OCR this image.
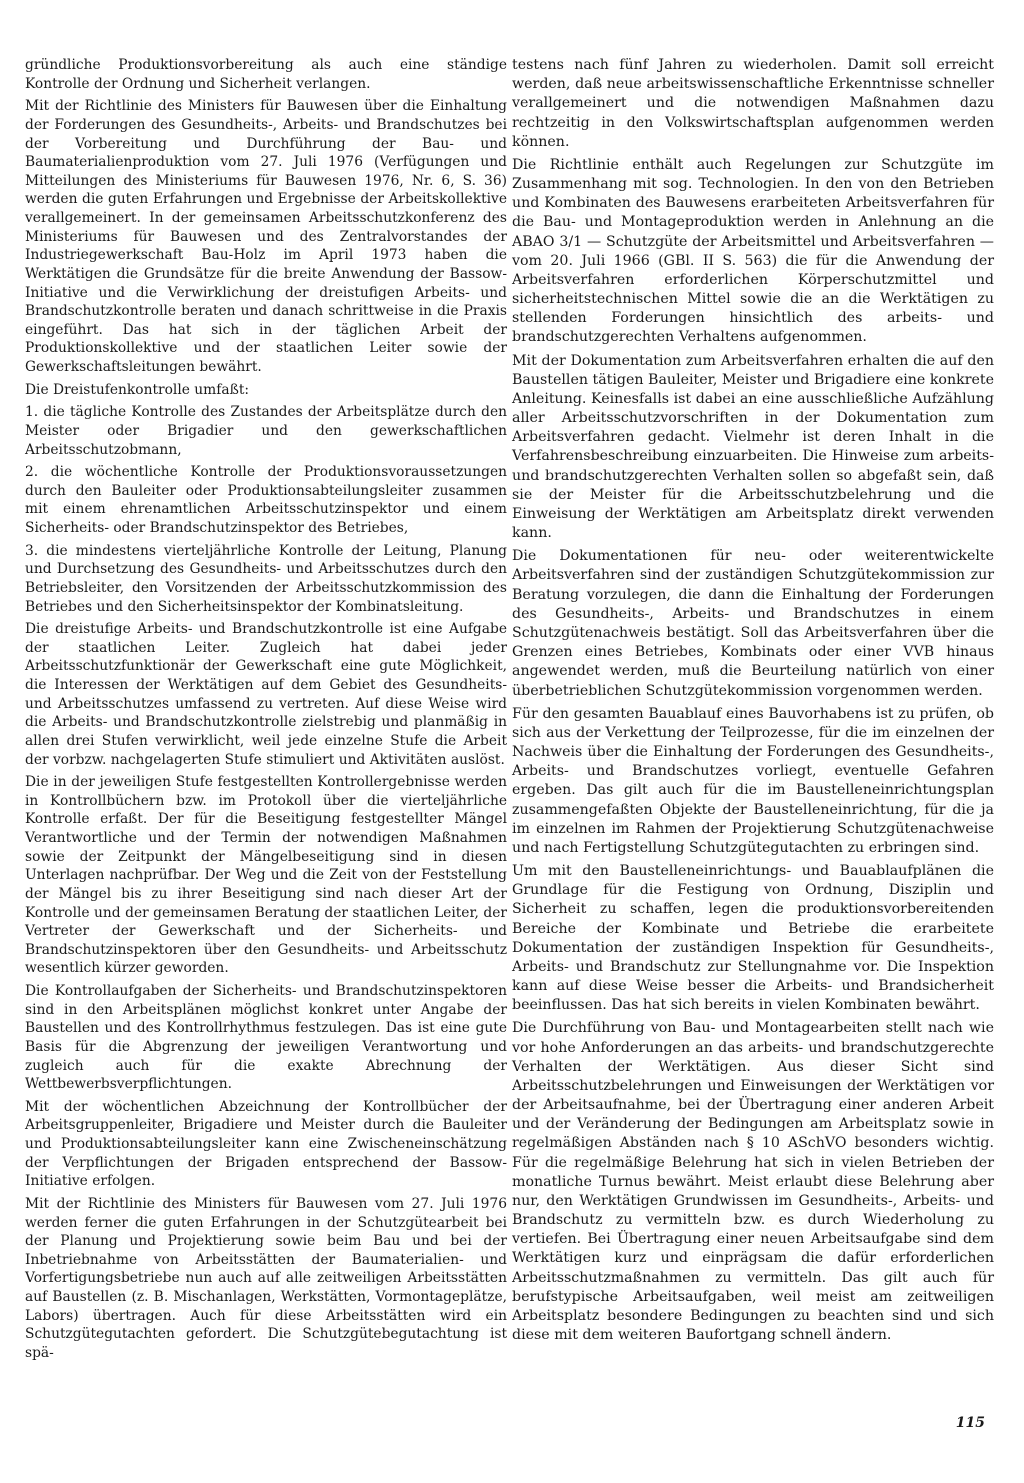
gründliche Produktionsvorbereitung als auch eine ständige Kontrolle der Ordnung und Sicherheit verlangen.

Mit der Richtlinie des Ministers für Bauwesen über die Einhaltung der Forderungen des Gesundheits-, Arbeits- und Brandschutzes bei der Vorbereitung und Durchführung der Bau- und Baumaterialienproduktion vom 27. Juli 1976 (Verfügungen und Mitteilungen des Ministeriums für Bauwesen 1976, Nr. 6, S. 36) werden die guten Erfahrungen und Ergebnisse der Arbeitskollektive verallgemeinert. In der gemeinsamen Arbeitsschutzkonferenz des Ministeriums für Bauwesen und des Zentralvorstandes der Industriegewerkschaft Bau-Holz im April 1973 haben die Werktätigen die Grundsätze für die breite Anwendung der Bassow-Initiative und die Verwirklichung der dreistufigen Arbeits- und Brandschutzkontrolle beraten und danach schrittweise in die Praxis eingeführt. Das hat sich in der täglichen Arbeit der Produktionskollektive und der staatlichen Leiter sowie der Gewerkschaftsleitungen bewährt.

Die Dreistufenkontrolle umfaßt:

1. die tägliche Kontrolle des Zustandes der Arbeitsplätze durch den Meister oder Brigadier und den gewerkschaftlichen Arbeitsschutzobmann,

2. die wöchentliche Kontrolle der Produktionsvoraussetzungen durch den Bauleiter oder Produktionsabteilungsleiter zusammen mit einem ehrenamtlichen Arbeitsschutzinspektor und einem Sicherheits- oder Brandschutzinspektor des Betriebes,

3. die mindestens vierteljährliche Kontrolle der Leitung, Planung und Durchsetzung des Gesundheits- und Arbeitsschutzes durch den Betriebsleiter, den Vorsitzenden der Arbeitsschutzkommission des Betriebes und den Sicherheitsinspektor der Kombinatsleitung.

Die dreistufige Arbeits- und Brandschutzkontrolle ist eine Aufgabe der staatlichen Leiter. Zugleich hat dabei jeder Arbeitsschutzfunktionär der Gewerkschaft eine gute Möglichkeit, die Interessen der Werktätigen auf dem Gebiet des Gesundheits- und Arbeitsschutzes umfassend zu vertreten. Auf diese Weise wird die Arbeits- und Brandschutzkontrolle zielstrebig und planmäßig in allen drei Stufen verwirklicht, weil jede einzelne Stufe die Arbeit der vorbzw. nachgelagerten Stufe stimuliert und Aktivitäten auslöst.

Die in der jeweiligen Stufe festgestellten Kontrollergebnisse werden in Kontrollbüchern bzw. im Protokoll über die vierteljährliche Kontrolle erfaßt. Der für die Beseitigung festgestellter Mängel Verantwortliche und der Termin der notwendigen Maßnahmen sowie der Zeitpunkt der Mängelbeseitigung sind in diesen Unterlagen nachprüfbar. Der Weg und die Zeit von der Feststellung der Mängel bis zu ihrer Beseitigung sind nach dieser Art der Kontrolle und der gemeinsamen Beratung der staatlichen Leiter, der Vertreter der Gewerkschaft und der Sicherheits- und Brandschutzinspektoren über den Gesundheits- und Arbeitsschutz wesentlich kürzer geworden.

Die Kontrollaufgaben der Sicherheits- und Brandschutzinspektoren sind in den Arbeitsplänen möglichst konkret unter Angabe der Baustellen und des Kontrollrhythmus festzulegen. Das ist eine gute Basis für die Abgrenzung der jeweiligen Verantwortung und zugleich auch für die exakte Abrechnung der Wettbewerbsverpflichtungen.

Mit der wöchentlichen Abzeichnung der Kontrollbücher der Arbeitsgruppenleiter, Brigadiere und Meister durch die Bauleiter und Produktionsabteilungsleiter kann eine Zwischeneinschätzung der Verpflichtungen der Brigaden entsprechend der Bassow-Initiative erfolgen.

Mit der Richtlinie des Ministers für Bauwesen vom 27. Juli 1976 werden ferner die guten Erfahrungen in der Schutzgütearbeit bei der Planung und Projektierung sowie beim Bau und bei der Inbetriebnahme von Arbeitsstätten der Baumaterialien- und Vorfertigungsbetriebe nun auch auf alle zeitweiligen Arbeitsstätten auf Baustellen (z. B. Mischanlagen, Werkstätten, Vormontageplätze, Labors) übertragen. Auch für diese Arbeitsstätten wird ein Schutzgütegutachten gefordert. Die Schutzgütebegutachtung ist spä-

testens nach fünf Jahren zu wiederholen. Damit soll erreicht werden, daß neue arbeitswissenschaftliche Erkenntnisse schneller verallgemeinert und die notwendigen Maßnahmen dazu rechtzeitig in den Volkswirtschaftsplan aufgenommen werden können.

Die Richtlinie enthält auch Regelungen zur Schutzgüte im Zusammenhang mit sog. Technologien. In den von den Betrieben und Kombinaten des Bauwesens erarbeiteten Arbeitsverfahren für die Bau- und Montageproduktion werden in Anlehnung an die ABAO 3/1 — Schutzgüte der Arbeitsmittel und Arbeitsverfahren — vom 20. Juli 1966 (GBl. II S. 563) die für die Anwendung der Arbeitsverfahren erforderlichen Körperschutzmittel und sicherheitstechnischen Mittel sowie die an die Werktätigen zu stellenden Forderungen hinsichtlich des arbeits- und brandschutzgerechten Verhaltens aufgenommen.

Mit der Dokumentation zum Arbeitsverfahren erhalten die auf den Baustellen tätigen Bauleiter, Meister und Brigadiere eine konkrete Anleitung. Keinesfalls ist dabei an eine ausschließliche Aufzählung aller Arbeitsschutzvorschriften in der Dokumentation zum Arbeitsverfahren gedacht. Vielmehr ist deren Inhalt in die Verfahrensbeschreibung einzuarbeiten. Die Hinweise zum arbeits- und brandschutzgerechten Verhalten sollen so abgefaßt sein, daß sie der Meister für die Arbeitsschutzbelehrung und die Einweisung der Werktätigen am Arbeitsplatz direkt verwenden kann.

Die Dokumentationen für neu- oder weiterentwickelte Arbeitsverfahren sind der zuständigen Schutzgütekommission zur Beratung vorzulegen, die dann die Einhaltung der Forderungen des Gesundheits-, Arbeits- und Brandschutzes in einem Schutzgütenachweis bestätigt. Soll das Arbeitsverfahren über die Grenzen eines Betriebes, Kombinats oder einer VVB hinaus angewendet werden, muß die Beurteilung natürlich von einer überbetrieblichen Schutzgütekommission vorgenommen werden.

Für den gesamten Bauablauf eines Bauvorhabens ist zu prüfen, ob sich aus der Verkettung der Teilprozesse, für die im einzelnen der Nachweis über die Einhaltung der Forderungen des Gesundheits-, Arbeits- und Brandschutzes vorliegt, eventuelle Gefahren ergeben. Das gilt auch für die im Baustelleneinrichtungsplan zusammengefaßten Objekte der Baustelleneinrichtung, für die ja im einzelnen im Rahmen der Projektierung Schutzgütenachweise und nach Fertigstellung Schutzgütegutachten zu erbringen sind.

Um mit den Baustelleneinrichtungs- und Bauablaufplänen die Grundlage für die Festigung von Ordnung, Disziplin und Sicherheit zu schaffen, legen die produktionsvorbereitenden Bereiche der Kombinate und Betriebe die erarbeitete Dokumentation der zuständigen Inspektion für Gesundheits-, Arbeits- und Brandschutz zur Stellungnahme vor. Die Inspektion kann auf diese Weise besser die Arbeits- und Brandsicherheit beeinflussen. Das hat sich bereits in vielen Kombinaten bewährt.

Die Durchführung von Bau- und Montagearbeiten stellt nach wie vor hohe Anforderungen an das arbeits- und brandschutzgerechte Verhalten der Werktätigen. Aus dieser Sicht sind Arbeitsschutzbelehrungen und Einweisungen der Werktätigen vor der Arbeitsaufnahme, bei der Übertragung einer anderen Arbeit und der Veränderung der Bedingungen am Arbeitsplatz sowie in regelmäßigen Abständen nach § 10 ASchVO besonders wichtig. Für die regelmäßige Belehrung hat sich in vielen Betrieben der monatliche Turnus bewährt. Meist erlaubt diese Belehrung aber nur, den Werktätigen Grundwissen im Gesundheits-, Arbeits- und Brandschutz zu vermitteln bzw. es durch Wiederholung zu vertiefen. Bei Übertragung einer neuen Arbeitsaufgabe sind dem Werktätigen kurz und einprägsam die dafür erforderlichen Arbeitsschutzmaßnahmen zu vermitteln. Das gilt auch für berufstypische Arbeitsaufgaben, weil meist am zeitweiligen Arbeitsplatz besondere Bedingungen zu beachten sind und sich diese mit dem weiteren Baufortgang schnell ändern.

115
